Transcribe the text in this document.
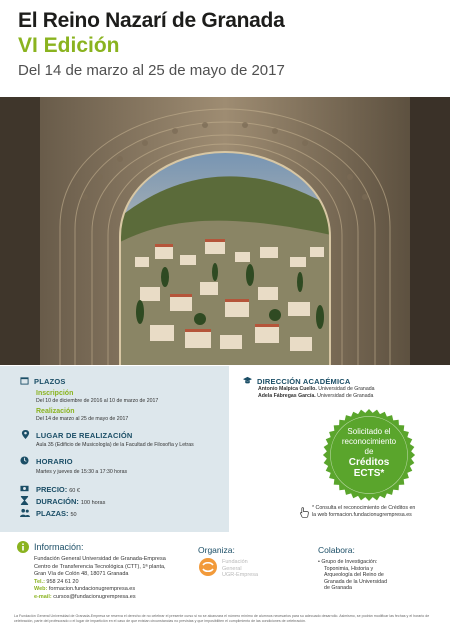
El Reino Nazarí de Granada
VI Edición
Del 14 de marzo al 25 de mayo de 2017
PLAZOS
Inscripción
Del 10 de diciembre de 2016 al 10 de marzo de 2017
Realización
Del 14 de marzo al 25 de mayo de 2017
LUGAR DE REALIZACIÓN
Aula 35 (Edificio de Musicología) de la Facultad de Filosofía y Letras
HORARIO
Martes y jueves de 15:30 a 17:30 horas
PRECIO: 60 €
DURACIÓN: 100 horas
PLAZAS: 50
DIRECCIÓN ACADÉMICA
Antonio Malpica Cuello. Universidad de Granada
Adela Fábregas García. Universidad de Granada
Solicitado el
reconocimiento
de
Créditos
ECTS*
* Consulta el reconocimiento de Créditos en
la web formacion.fundacionugrempresa.es
Información:
Fundación General Universidad de Granada-Empresa
Centro de Transferencia Tecnológica (CTT), 1ª planta,
Gran Vía de Colón 48, 18071 Granada
Tel.: 958 24 61 20
Web: formacion.fundacionugrempresa.es
e-mail: cursos@fundacionugrempresa.es
Organiza:
Fundación
General
UGR-Empresa
Colabora:
• Grupo de Investigación:
Toponimia, Historia y
Arqueología del Reino de
Granada de la Universidad
de Granada
La Fundación General Universidad de Granada-Empresa se reserva el derecho de no celebrar el presente curso si no se alcanzara el número mínimo de alumnos necesarios para su adecuado desarrollo. Asimismo, se podrán modificar las fechas y el horario de celebración, parte del profesorado o el lugar de impartición en el caso de que existan circunstancias no previstas y que imposibiliten el cumplimiento de las condiciones de celebración.
